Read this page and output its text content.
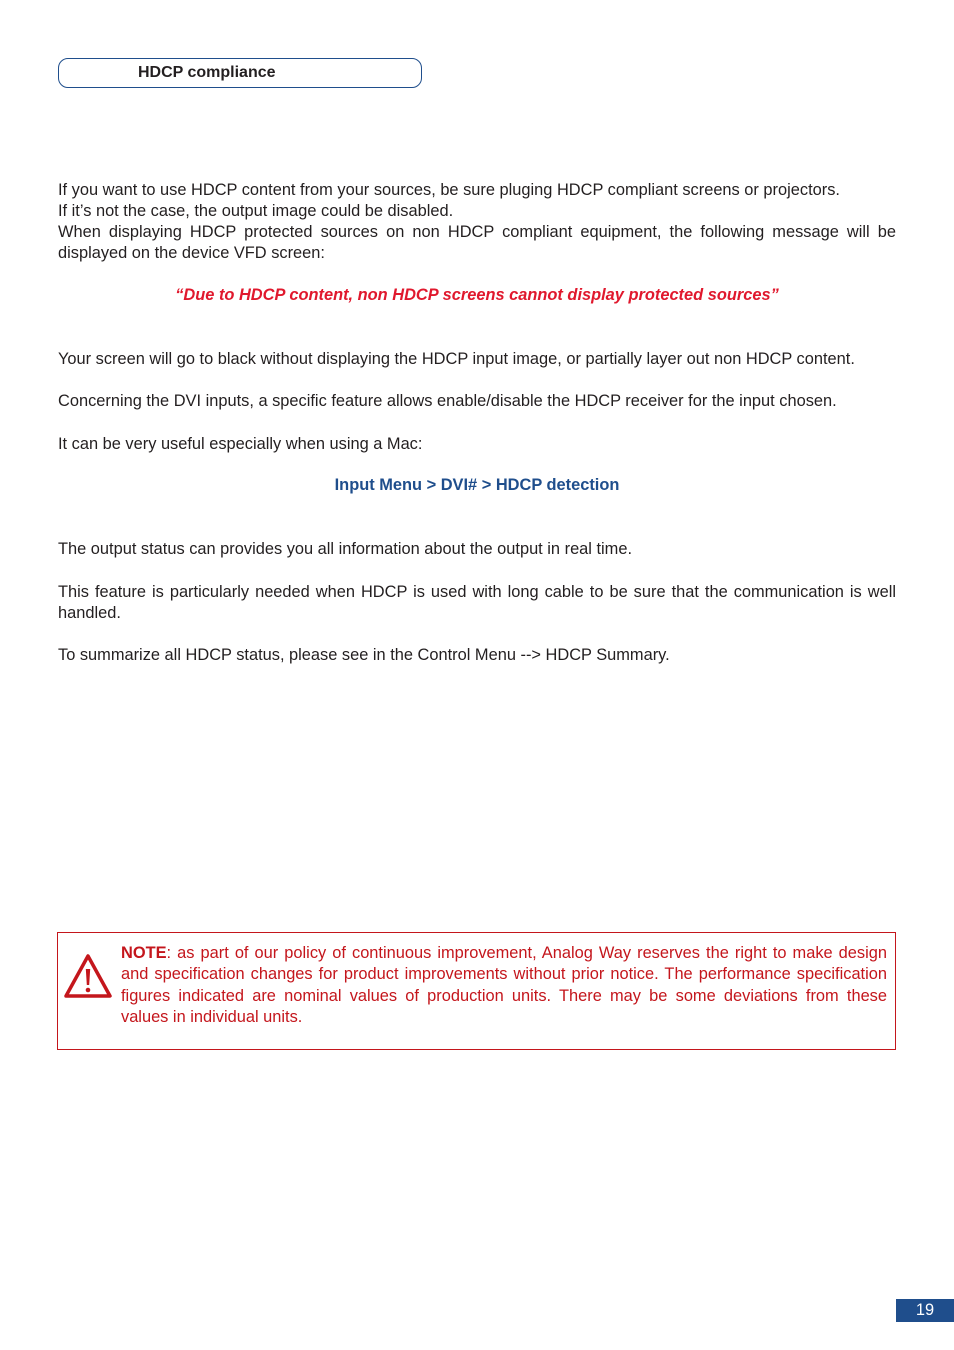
HDCP compliance

If you want to use HDCP content from your sources, be sure pluging HDCP compliant screens or projectors.
If it’s not the case, the output image could be disabled.
When displaying HDCP protected sources on non HDCP compliant equipment, the following message will be displayed on the device VFD screen:

“Due to HDCP content, non HDCP screens cannot display protected sources”

Your screen will go to black without displaying the HDCP input image, or partially layer out non HDCP content.

Concerning the DVI inputs, a specific feature allows enable/disable the HDCP receiver for the input chosen.

It can be very useful especially when using a Mac:

Input Menu > DVI# > HDCP detection

The output status can provides you all information about the output in real time.

This feature is particularly needed when HDCP is used with long cable to be sure that the communication is well handled.

To summarize all HDCP status, please see in the Control Menu --> HDCP Summary.

NOTE: as part of our policy of continuous improvement, Analog Way reserves the right to make design and specification changes for product improvements without prior notice. The performance specification figures indicated are nominal values of production units. There may be some deviations from these values in individual units.

19
